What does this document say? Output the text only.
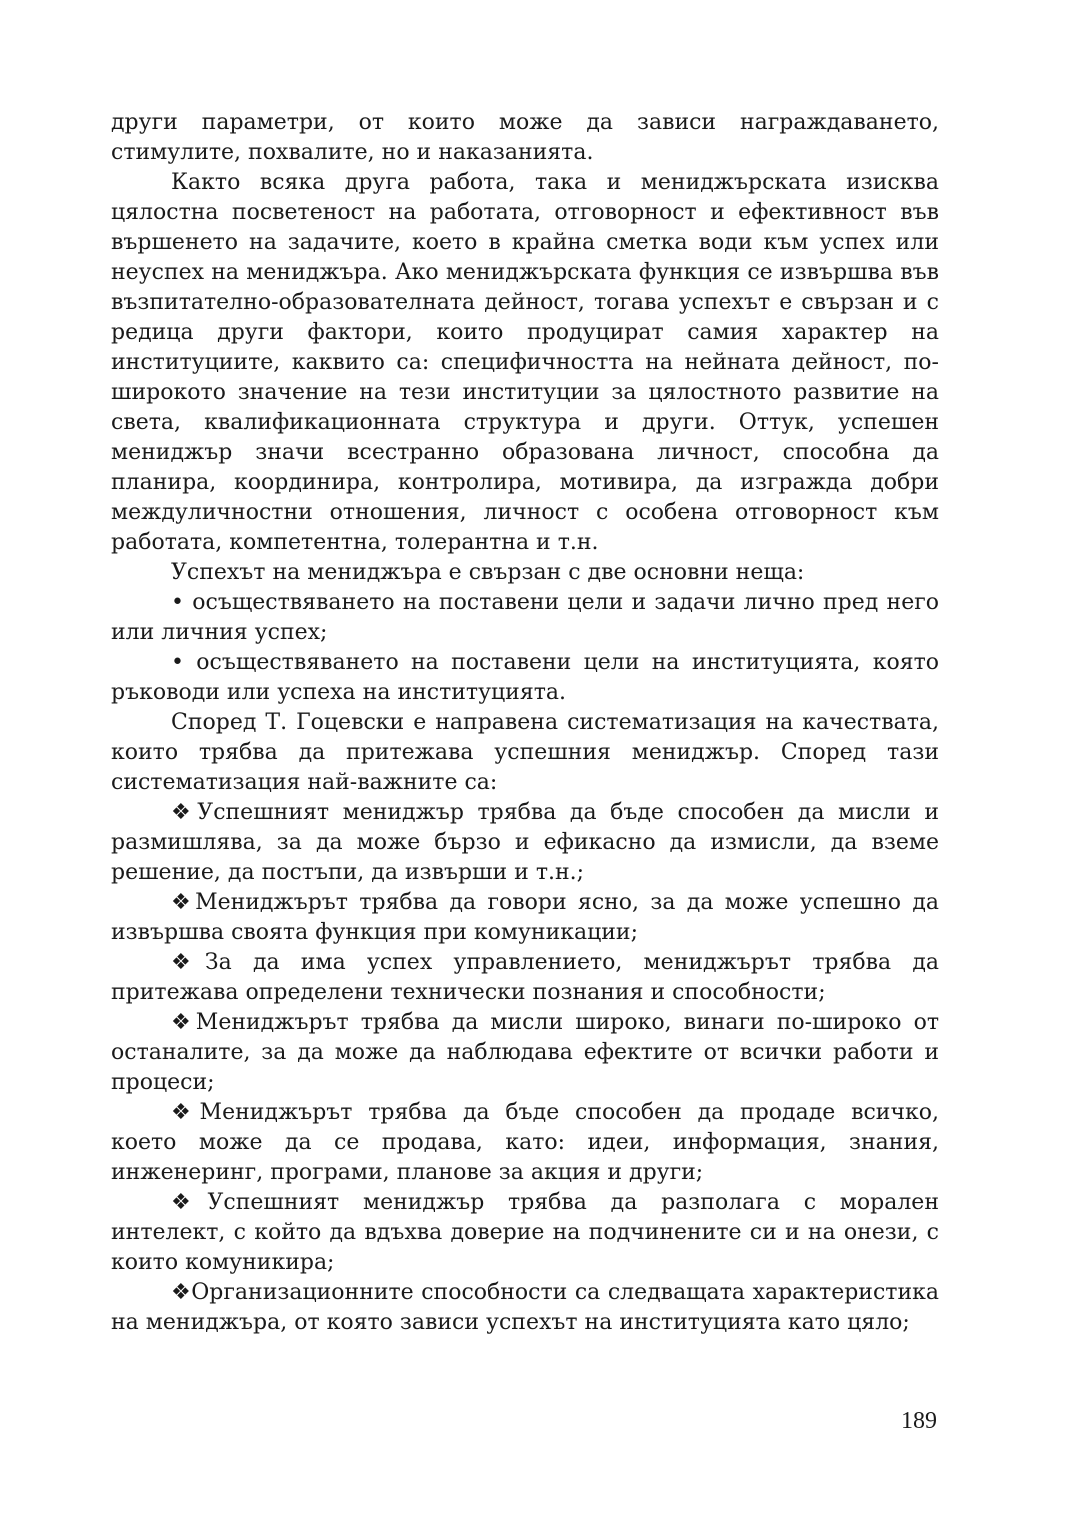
други параметри, от които може да зависи награждаването, стимулите, похвалите, но и наказанията.

Както всяка друга работа, така и мениджърската изисква цялостна посветеност на работата, отговорност и ефективност във вършенето на задачите, което в крайна сметка води към успех или неуспех на мениджъра. Ако мениджърската функция се извършва във възпитателно-образователната дейност, тогава успехът е свързан и с редица други фактори, които продуцират самия характер на институциите, каквито са: специфичността на нейната дейност, по-широкото значение на тези институции за цялостното развитие на света, квалификационната структура и други. Оттук, успешен мениджър значи всестранно образована личност, способна да планира, координира, контролира, мотивира, да изгражда добри междуличностни отношения, личност с особена отговорност към работата, компетентна, толерантна и т.н.

Успехът на мениджъра е свързан с две основни неща:

• осъществяването на поставени цели и задачи лично пред него или личния успех;

• осъществяването на поставени цели на институцията, която ръководи или успеха на институцията.

Според Т. Гоцевски е направена систематизация на качествата, които трябва да притежава успешния мениджър. Според тази систематизация най-важните са:

❖Успешният мениджър трябва да бъде способен да мисли и размишлява, за да може бързо и ефикасно да измисли, да вземе решение, да постъпи, да извърши и т.н.;

❖Мениджърът трябва да говори ясно, за да може успешно да извършва своята функция при комуникации;

❖За да има успех управлението, мениджърът трябва да притежава определени технически познания и способности;

❖Мениджърът трябва да мисли широко, винаги по-широко от останалите, за да може да наблюдава ефектите от всички работи и процеси;

❖Мениджърът трябва да бъде способен да продаде всичко, което може да се продава, като: идеи, информация, знания, инженеринг, програми, планове за акция и други;

❖Успешният мениджър трябва да разполага с морален интелект, с който да вдъхва доверие на подчинените си и на онези, с които комуникира;

❖Организационните способности са следващата характеристика на мениджъра, от която зависи успехът на институцията като цяло;

189
